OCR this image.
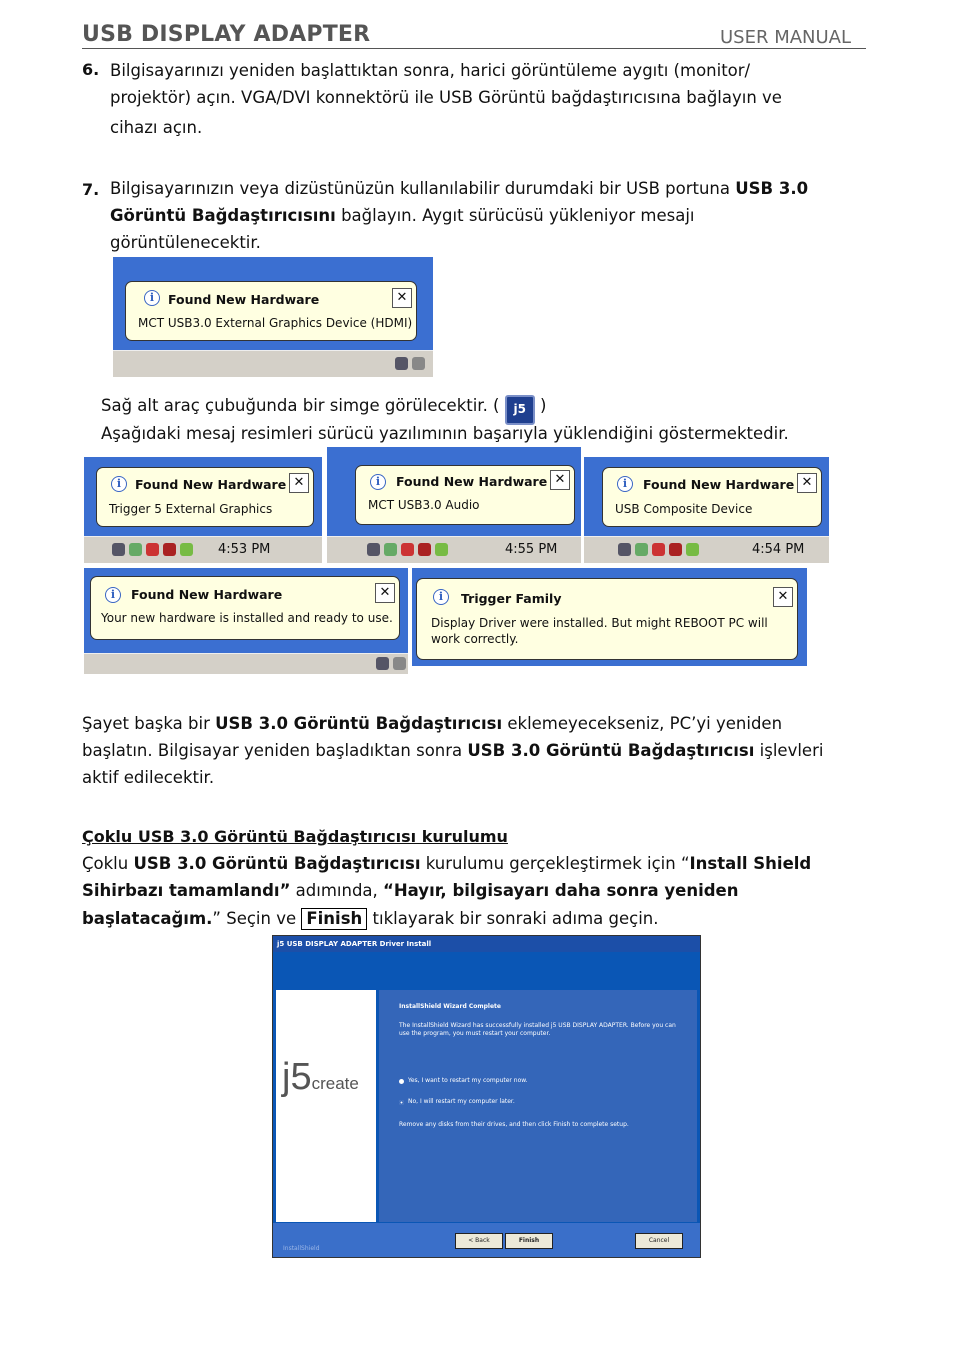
USB DISPLAY ADAPTER	USER MANUAL
6. Bilgisayarınızı yeniden başlattıktan sonra, harici görüntüleme aygıtı (monitor/
projektör) açın. VGA/DVI konnektörü ile USB Görüntü bağdaştırıcısına bağlayın ve
cihazı açın.
7. Bilgisayarınızın veya dizüstünüzün kullanılabilir durumdaki bir USB portuna USB 3.0
Görüntü Bağdaştırıcısını bağlayın. Aygıt sürücüsü yükleniyor mesajı
görüntülenecektir.
i	Found New Hardware	✕
MCT USB3.0 External Graphics Device (HDMI)
Sağ alt araç çubuğunda bir simge görülecektir. ( j5 )
Aşağıdaki mesaj resimleri sürücü yazılımının başarıyla yüklendiğini göstermektedir.
i	Found New Hardware ✕
Trigger 5 External Graphics
4:53 PM
i	Found New Hardware ✕
MCT USB3.0 Audio
4:55 PM
i	Found New Hardware ✕
USB Composite Device
4:54 PM
i	Found New Hardware	✕
Your new hardware is installed and ready to use.
i	Trigger Family	✕
Display Driver were installed. But might REBOOT PC will work correctly.
Şayet başka bir USB 3.0 Görüntü Bağdaştırıcısı eklemeyecekseniz, PC’yi yeniden
başlatın. Bilgisayar yeniden başladıktan sonra USB 3.0 Görüntü Bağdaştırıcısı işlevleri
aktif edilecektir.
Çoklu USB 3.0 Görüntü Bağdaştırıcısı kurulumu
Çoklu USB 3.0 Görüntü Bağdaştırıcısı kurulumu gerçekleştirmek için “Install Shield
Sihirbazı tamamlandı” adımında, “Hayır, bilgisayarı daha sonra yeniden
başlatacağım.” Seçin ve Finish tıklayarak bir sonraki adıma geçin.
j5 USB DISPLAY ADAPTER Driver Install
j5create
InstallShield Wizard Complete
The InstallShield Wizard has successfully installed j5 USB DISPLAY ADAPTER. Before you can
use the program, you must restart your computer.
Yes, I want to restart my computer now.
No, I will restart my computer later.
Remove any disks from their drives, and then click Finish to complete setup.
InstallShield
< Back	Finish	Cancel
